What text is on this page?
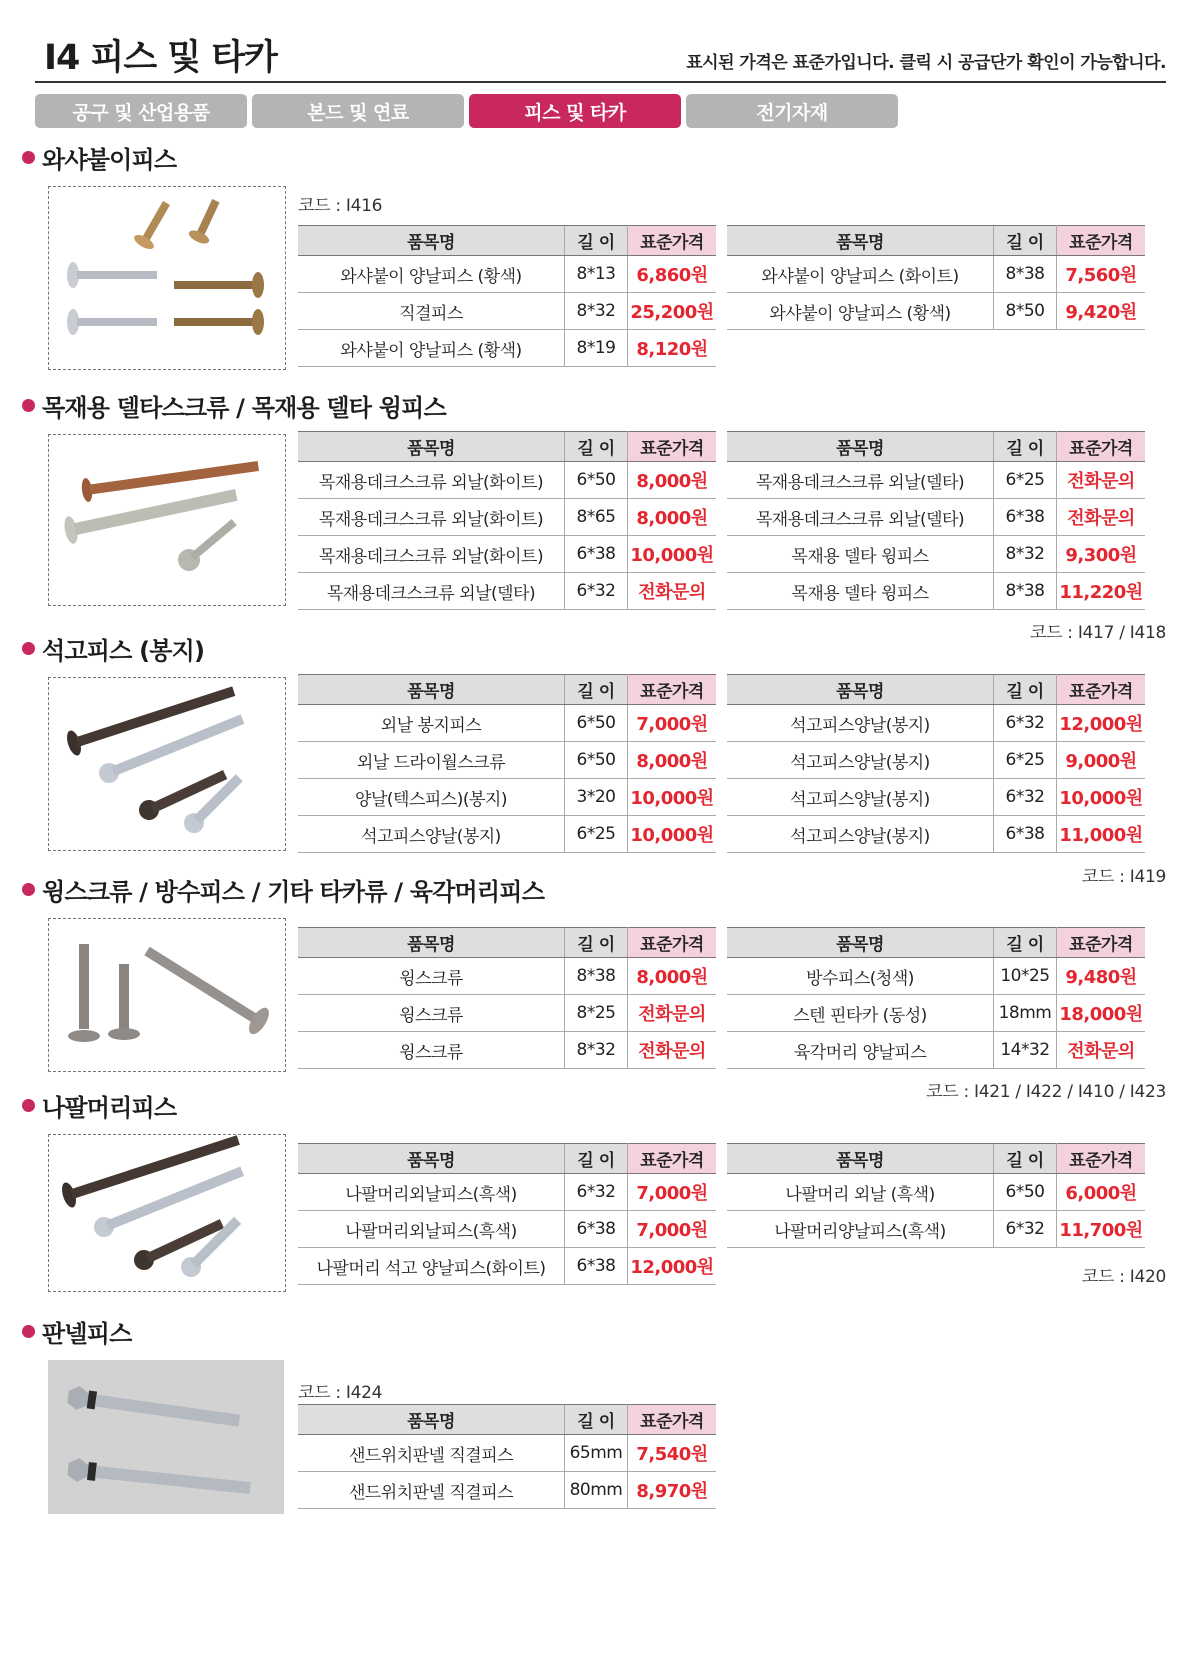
I4 피스 및 타카	표시된 가격은 표준가입니다. 클릭 시 공급단가 확인이 가능합니다.
공구 및 산업용품	본드 및 연료	피스 및 타카	전기자재
와샤붙이피스
코드 : I416
품목명	길 이	표준가격
와샤붙이 양날피스 (황색)	8*13	6,860원
직결피스	8*32	25,200원
와샤붙이 양날피스 (황색)	8*19	8,120원
품목명	길 이	표준가격
와샤붙이 양날피스 (화이트)	8*38	7,560원
와샤붙이 양날피스 (황색)	8*50	9,420원
목재용 델타스크류 / 목재용 델타 윙피스
품목명	길 이	표준가격
목재용데크스크류 외날(화이트)	6*50	8,000원
목재용데크스크류 외날(화이트)	8*65	8,000원
목재용데크스크류 외날(화이트)	6*38	10,000원
목재용데크스크류 외날(델타)	6*32	전화문의
품목명	길 이	표준가격
목재용데크스크류 외날(델타)	6*25	전화문의
목재용데크스크류 외날(델타)	6*38	전화문의
목재용 델타 윙피스	8*32	9,300원
목재용 델타 윙피스	8*38	11,220원
코드 : I417 / I418
석고피스 (봉지)
품목명	길 이	표준가격
외날 봉지피스	6*50	7,000원
외날 드라이월스크류	6*50	8,000원
양날(텍스피스)(봉지)	3*20	10,000원
석고피스양날(봉지)	6*25	10,000원
품목명	길 이	표준가격
석고피스양날(봉지)	6*32	12,000원
석고피스양날(봉지)	6*25	9,000원
석고피스양날(봉지)	6*32	10,000원
석고피스양날(봉지)	6*38	11,000원
코드 : I419
윙스크류 / 방수피스 / 기타 타카류 / 육각머리피스
품목명	길 이	표준가격
윙스크류	8*38	8,000원
윙스크류	8*25	전화문의
윙스크류	8*32	전화문의
품목명	길 이	표준가격
방수피스(청색)	10*25	9,480원
스텐 핀타카 (동성)	18mm	18,000원
육각머리 양날피스	14*32	전화문의
코드 : I421 / I422 / I410 / I423
나팔머리피스
품목명	길 이	표준가격
나팔머리외날피스(흑색)	6*32	7,000원
나팔머리외날피스(흑색)	6*38	7,000원
나팔머리 석고 양날피스(화이트)	6*38	12,000원
품목명	길 이	표준가격
나팔머리 외날 (흑색)	6*50	6,000원
나팔머리양날피스(흑색)	6*32	11,700원
코드 : I420
판넬피스
코드 : I424
품목명	길 이	표준가격
샌드위치판넬 직결피스	65mm	7,540원
샌드위치판넬 직결피스	80mm	8,970원
